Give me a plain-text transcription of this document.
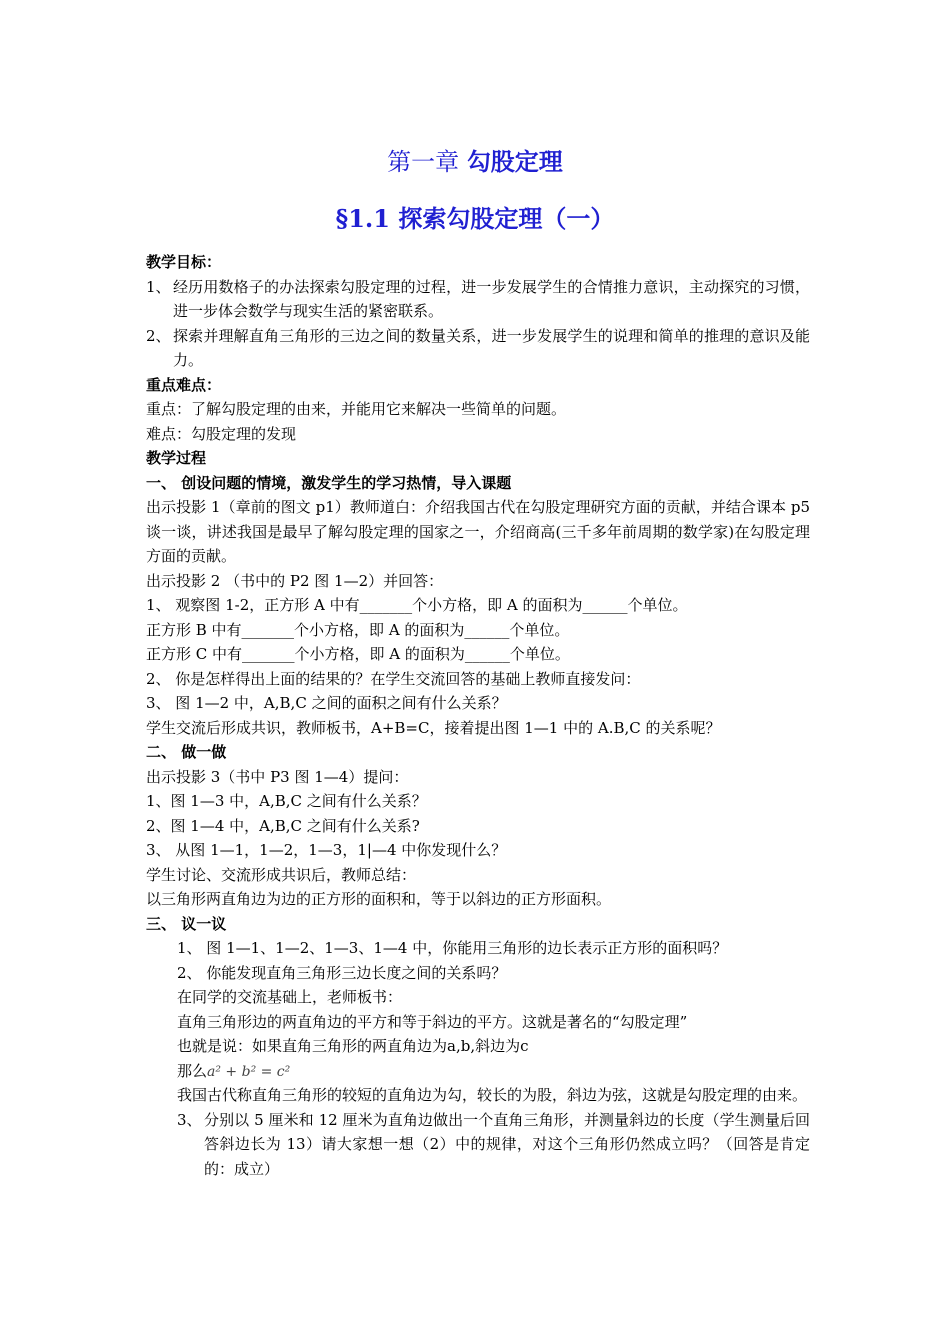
第一章 勾股定理
§1.1 探索勾股定理（一）
教学目标：
1、 经历用数格子的办法探索勾股定理的过程，进一步发展学生的合情推力意识，主动探究的习惯，进一步体会数学与现实生活的紧密联系。
2、 探索并理解直角三角形的三边之间的数量关系，进一步发展学生的说理和简单的推理的意识及能力。
重点难点：
重点：了解勾股定理的由来，并能用它来解决一些简单的问题。
难点：勾股定理的发现
教学过程
一、 创设问题的情境，激发学生的学习热情，导入课题
出示投影 1（章前的图文 p1）教师道白：介绍我国古代在勾股定理研究方面的贡献，并结合课本 p5 谈一谈，讲述我国是最早了解勾股定理的国家之一，介绍商高(三千多年前周期的数学家)在勾股定理方面的贡献。
出示投影 2 （书中的 P2 图 1—2）并回答：
1、 观察图 1-2，正方形 A 中有_______个小方格，即 A 的面积为______个单位。
正方形 B 中有_______个小方格，即 A 的面积为______个单位。
正方形 C 中有_______个小方格，即 A 的面积为______个单位。
2、 你是怎样得出上面的结果的？在学生交流回答的基础上教师直接发问：
3、 图 1—2 中，A,B,C 之间的面积之间有什么关系？
学生交流后形成共识，教师板书，A+B=C，接着提出图 1—1 中的 A.B,C 的关系呢？
二、 做一做
出示投影 3（书中 P3 图 1—4）提问：
1、图 1—3 中，A,B,C 之间有什么关系？
2、图 1—4 中，A,B,C 之间有什么关系?
3、 从图 1—1，1—2，1—3，1|—4 中你发现什么？
学生讨论、交流形成共识后，教师总结：
以三角形两直角边为边的正方形的面积和，等于以斜边的正方形面积。
三、 议一议
1、 图 1—1、1—2、1—3、1—4 中，你能用三角形的边长表示正方形的面积吗？
2、 你能发现直角三角形三边长度之间的关系吗？
在同学的交流基础上，老师板书：
直角三角形边的两直角边的平方和等于斜边的平方。这就是著名的“勾股定理”
也就是说：如果直角三角形的两直角边为a,b,斜边为c
那么a² + b² = c²
我国古代称直角三角形的较短的直角边为勾，较长的为股，斜边为弦，这就是勾股定理的由来。
3、 分别以 5 厘米和 12 厘米为直角边做出一个直角三角形，并测量斜边的长度（学生测量后回答斜边长为 13）请大家想一想（2）中的规律，对这个三角形仍然成立吗？（回答是肯定的：成立）
